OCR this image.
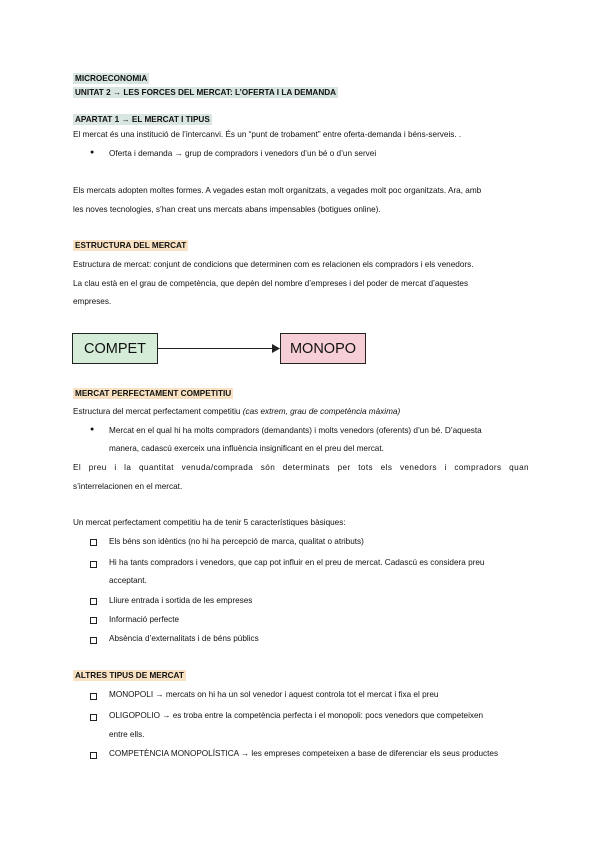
MICROECONOMIA
UNITAT 2 → LES FORCES DEL MERCAT: L’OFERTA I LA DEMANDA
APARTAT 1 → EL MERCAT I TIPUS
El mercat és una institució de l’intercanvi. És un “punt de trobament” entre oferta-demanda i béns-serveis. .
● Oferta i demanda → grup de compradors i venedors d’un bé o d’un servei
Els mercats adopten moltes formes. A vegades estan molt organitzats, a vegades molt poc organitzats. Ara, amb
les noves tecnologies, s’han creat uns mercats abans impensables (botigues online).
ESTRUCTURA DEL MERCAT
Estructura de mercat: conjunt de condicions que determinen com es relacionen els compradors i els venedors.
La clau està en el grau de competència, que depèn del nombre d’empreses i del poder de mercat d’aquestes
empreses.
COMPET	MONOPO
MERCAT PERFECTAMENT COMPETITIU
Estructura del mercat perfectament competitiu (cas extrem, grau de competència màxima)
● Mercat en el qual hi ha molts compradors (demandants) i molts venedors (oferents) d’un bé. D’aquesta
manera, cadascú exerceix una influència insignificant en el preu del mercat.
El preu i la quantitat venuda/comprada són determinats per tots els venedors i compradors quan
s’interrelacionen en el mercat.
Un mercat perfectament competitiu ha de tenir 5 característiques bàsiques:
Els béns son idèntics (no hi ha percepció de marca, qualitat o atributs)
Hi ha tants compradors i venedors, que cap pot influir en el preu de mercat. Cadascú es considera preu
acceptant.
Lliure entrada i sortida de les empreses
Informació perfecte
Absència d’externalitats i de béns públics
ALTRES TIPUS DE MERCAT
MONOPOLI → mercats on hi ha un sol venedor i aquest controla tot el mercat i fixa el preu
OLIGOPOLIO → es troba entre la competència perfecta i el monopoli: pocs venedors que competeixen
entre ells.
COMPETÈNCIA MONOPOLÍSTICA → les empreses competeixen a base de diferenciar els seus productes
